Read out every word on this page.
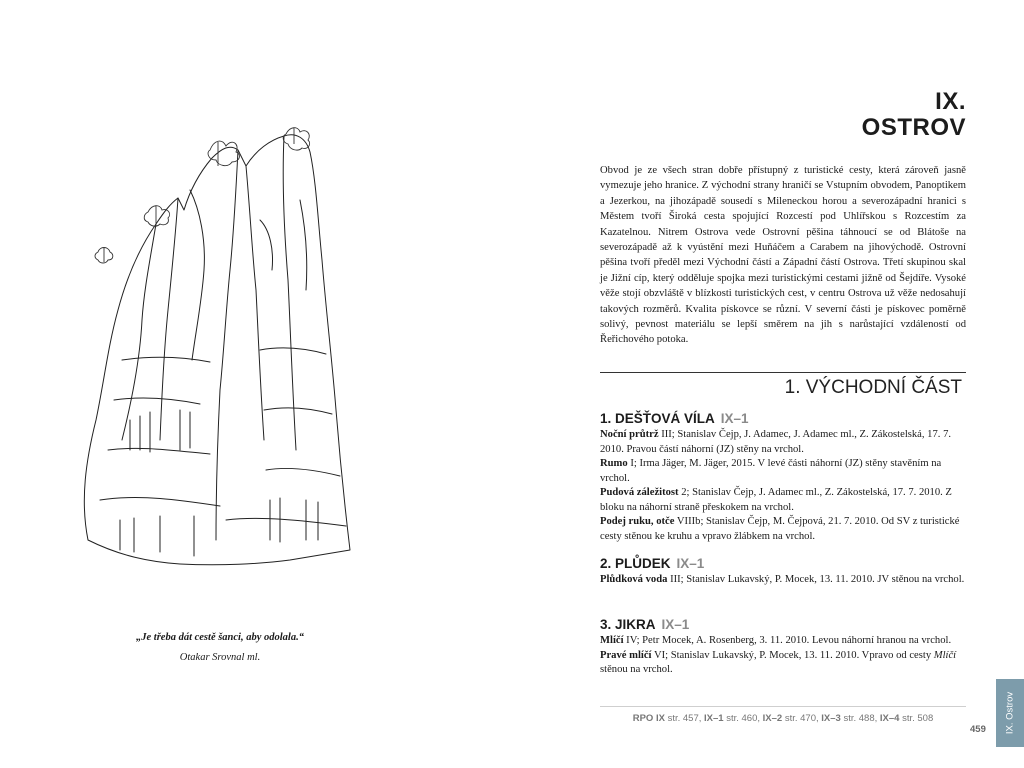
„Je třeba dát cestě šanci, aby odolala.“
Otakar Srovnal ml.
IX.
OSTROV

Obvod je ze všech stran dobře přístupný z turistické cesty, která zároveň jasně vymezuje jeho hranice. Z východní strany hraničí se Vstupním obvodem, Panoptikem a Jezerkou, na jihozápadě sousedí s Mileneckou horou a severozápadní hranici s Městem tvoří Široká cesta spojující Rozcestí pod Uhlířskou s Rozcestím za Kazatelnou. Nitrem Ostrova vede Ostrovní pěšina táhnoucí se od Blátoše na severozápadě až k vyústění mezi Huňáčem a Carabem na jihovýchodě. Ostrovní pěšina tvoří předěl mezi Východní částí a Západní částí Ostrova. Třetí skupinou skal je Jižní cíp, který odděluje spojka mezi turistickými cestami jižně od Šejdíře. Vysoké věže stojí obzvláště v blízkosti turistických cest, v centru Ostrova už věže nedosahují takových rozměrů. Kvalita pískovce se různí. V severní části je pískovec poměrně solivý, pevnost materiálu se lepší směrem na jih s narůstající vzdáleností od Řeřichového potoka.

1. VÝCHODNÍ ČÁST
1. DEŠŤOVÁ VÍLA IX–1

Noční průtrž III; Stanislav Čejp, J. Adamec, J. Adamec ml., Z. Zákostelská, 17. 7. 2010. Pravou částí náhorní (JZ) stěny na vrchol.

Rumo I; Irma Jäger, M. Jäger, 2015. V levé části náhorní (JZ) stěny stavěním na vrchol.

Pudová záležitost 2; Stanislav Čejp, J. Adamec ml., Z. Zákostelská, 17. 7. 2010. Z bloku na náhorní straně přeskokem na vrchol.

Podej ruku, otče VIIIb; Stanislav Čejp, M. Čejpová, 21. 7. 2010. Od SV z turistické cesty stěnou ke kruhu a vpravo žlábkem na vrchol.

2. PLŮDEK IX–1

Plůdková voda III; Stanislav Lukavský, P. Mocek, 13. 11. 2010. JV stěnou na vrchol.

3. JIKRA IX–1

Mlíčí IV; Petr Mocek, A. Rosenberg, 3. 11. 2010. Levou náhorní hranou na vrchol.

Pravé mlíčí VI; Stanislav Lukavský, P. Mocek, 13. 11. 2010. Vpravo od cesty Mlíčí stěnou na vrchol.

RPO IX str. 457, IX–1 str. 460, IX–2 str. 470, IX–3 str. 488, IX–4 str. 508
459 IX. Ostrov
